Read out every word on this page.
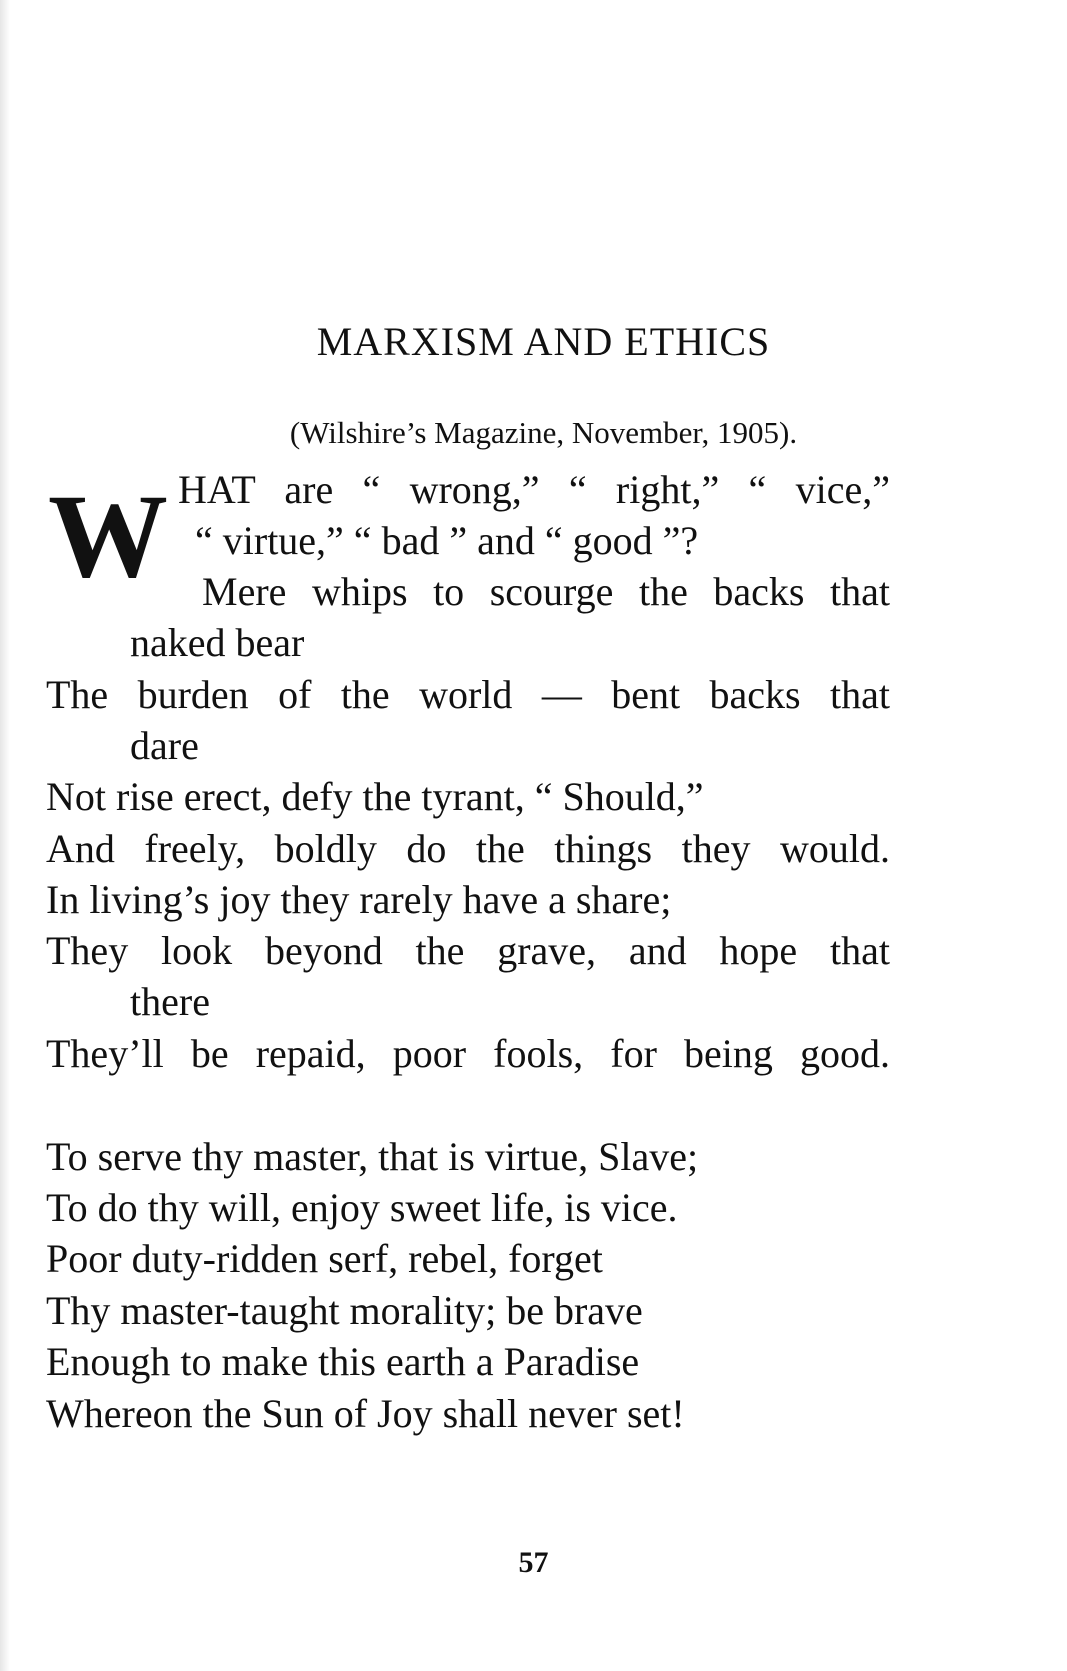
MARXISM AND ETHICS
(Wilshire’s Magazine, November, 1905).
W HAT are “ wrong,” “ right,” “ vice,”
“ virtue,” “ bad ” and “ good ”?
Mere whips to scourge the backs that
naked bear
The burden of the world — bent backs that
dare
Not rise erect, defy the tyrant, “ Should,”
And freely, boldly do the things they would.
In living’s joy they rarely have a share;
They look beyond the grave, and hope that
there
They’ll be repaid, poor fools, for being good.
To serve thy master, that is virtue, Slave;
To do thy will, enjoy sweet life, is vice.
Poor duty-ridden serf, rebel, forget
Thy master-taught morality; be brave
Enough to make this earth a Paradise
Whereon the Sun of Joy shall never set!
57
